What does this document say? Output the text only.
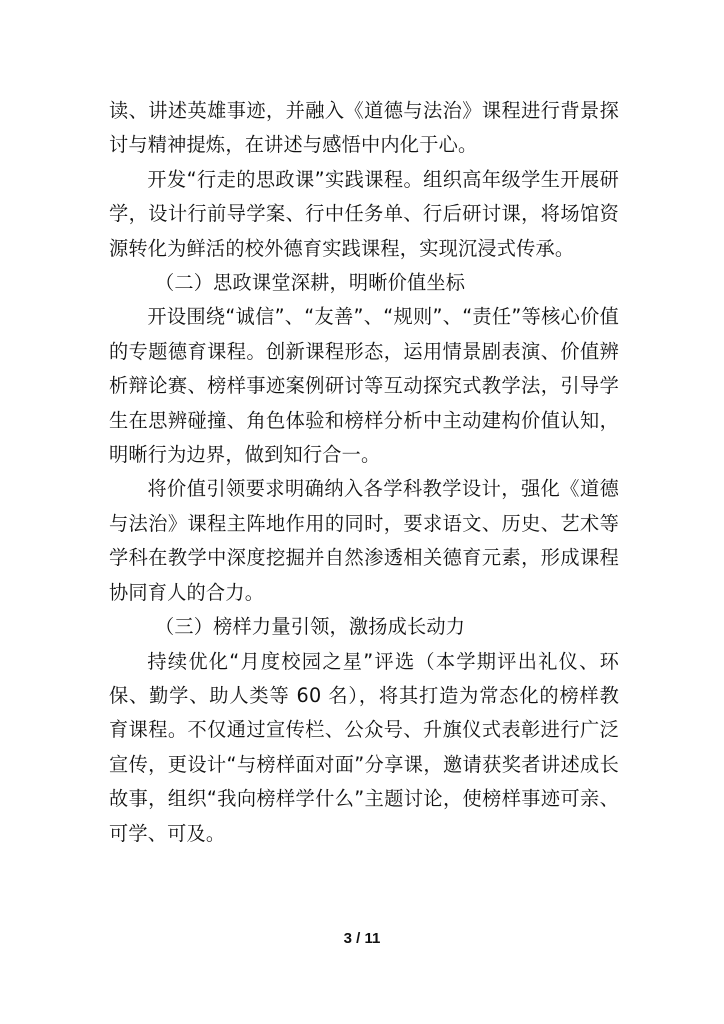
读、讲述英雄事迹，并融入《道德与法治》课程进行背景探讨与精神提炼，在讲述与感悟中内化于心。

开发“行走的思政课”实践课程。组织高年级学生开展研学，设计行前导学案、行中任务单、行后研讨课，将场馆资源转化为鲜活的校外德育实践课程，实现沉浸式传承。

（二）思政课堂深耕，明晰价值坐标

开设围绕“诚信”、“友善”、“规则”、“责任”等核心价值的专题德育课程。创新课程形态，运用情景剧表演、价值辨析辩论赛、榜样事迹案例研讨等互动探究式教学法，引导学生在思辨碰撞、角色体验和榜样分析中主动建构价值认知，明晰行为边界，做到知行合一。

将价值引领要求明确纳入各学科教学设计，强化《道德与法治》课程主阵地作用的同时，要求语文、历史、艺术等学科在教学中深度挖掘并自然渗透相关德育元素，形成课程协同育人的合力。

（三）榜样力量引领，激扬成长动力

持续优化“月度校园之星”评选（本学期评出礼仪、环保、勤学、助人类等 60 名），将其打造为常态化的榜样教育课程。不仅通过宣传栏、公众号、升旗仪式表彰进行广泛宣传，更设计“与榜样面对面”分享课，邀请获奖者讲述成长故事，组织“我向榜样学什么”主题讨论，使榜样事迹可亲、可学、可及。

3 / 11
